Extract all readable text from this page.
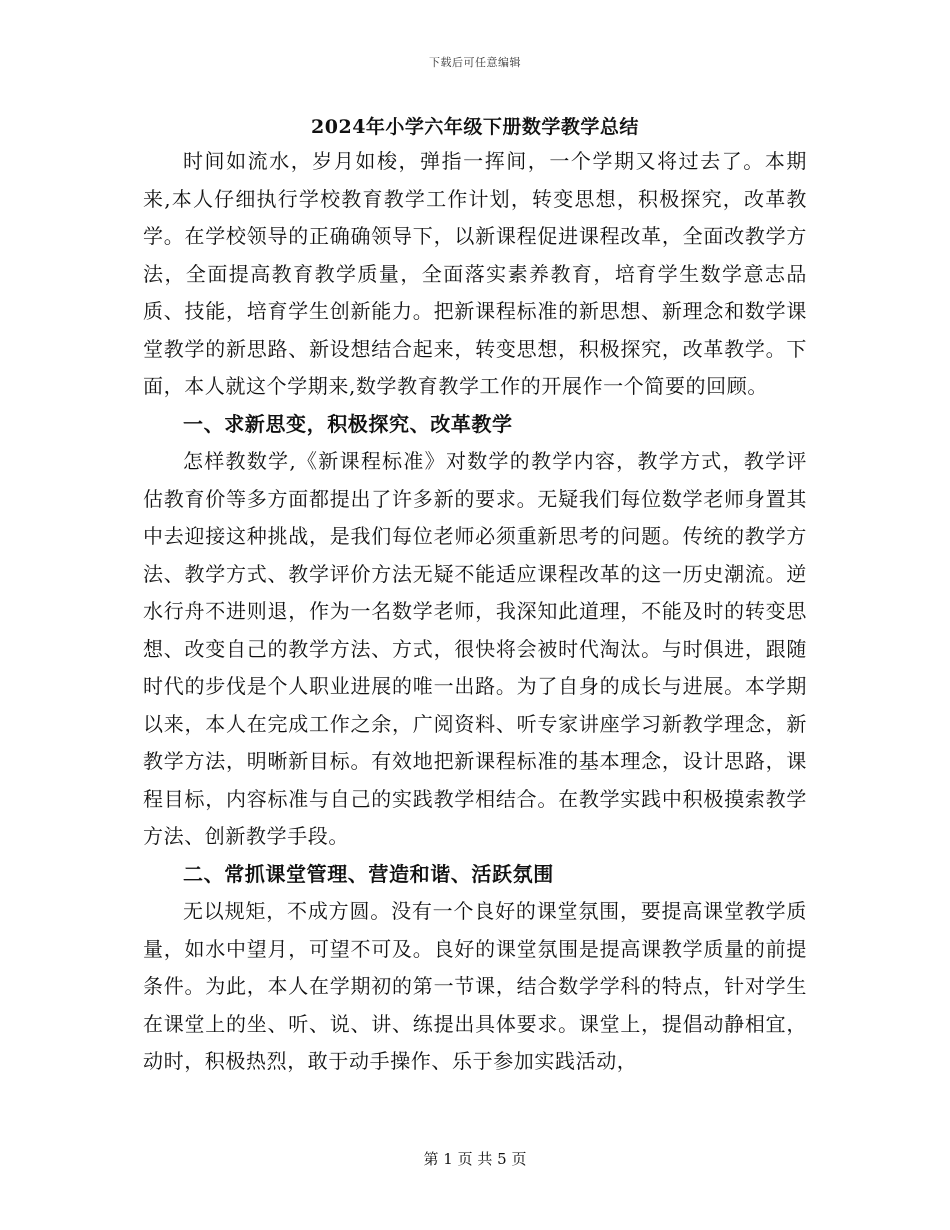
下载后可任意编辑
2024年小学六年级下册数学教学总结

时间如流水，岁月如梭，弹指一挥间，一个学期又将过去了。本期来,本人仔细执行学校教育教学工作计划，转变思想，积极探究，改革教学。在学校领导的正确确领导下，以新课程促进课程改革，全面改教学方法，全面提高教育教学质量，全面落实素养教育，培育学生数学意志品质、技能，培育学生创新能力。把新课程标准的新思想、新理念和数学课堂教学的新思路、新设想结合起来，转变思想，积极探究，改革教学。下面，本人就这个学期来,数学教育教学工作的开展作一个简要的回顾。

一、求新思变，积极探究、改革教学

怎样教数学,《新课程标准》对数学的教学内容，教学方式，教学评估教育价等多方面都提出了许多新的要求。无疑我们每位数学老师身置其中去迎接这种挑战，是我们每位老师必须重新思考的问题。传统的教学方法、教学方式、教学评价方法无疑不能适应课程改革的这一历史潮流。逆水行舟不进则退，作为一名数学老师，我深知此道理，不能及时的转变思想、改变自己的教学方法、方式，很快将会被时代淘汰。与时俱进，跟随时代的步伐是个人职业进展的唯一出路。为了自身的成长与进展。本学期以来，本人在完成工作之余，广阅资料、听专家讲座学习新教学理念，新教学方法，明晰新目标。有效地把新课程标准的基本理念，设计思路，课程目标，内容标准与自己的实践教学相结合。在教学实践中积极摸索教学方法、创新教学手段。

二、常抓课堂管理、营造和谐、活跃氛围

无以规矩，不成方圆。没有一个良好的课堂氛围，要提高课堂教学质量，如水中望月，可望不可及。良好的课堂氛围是提高课教学质量的前提条件。为此，本人在学期初的第一节课，结合数学学科的特点，针对学生在课堂上的坐、听、说、讲、练提出具体要求。课堂上，提倡动静相宜，动时，积极热烈，敢于动手操作、乐于参加实践活动，

第 1 页 共 5 页
